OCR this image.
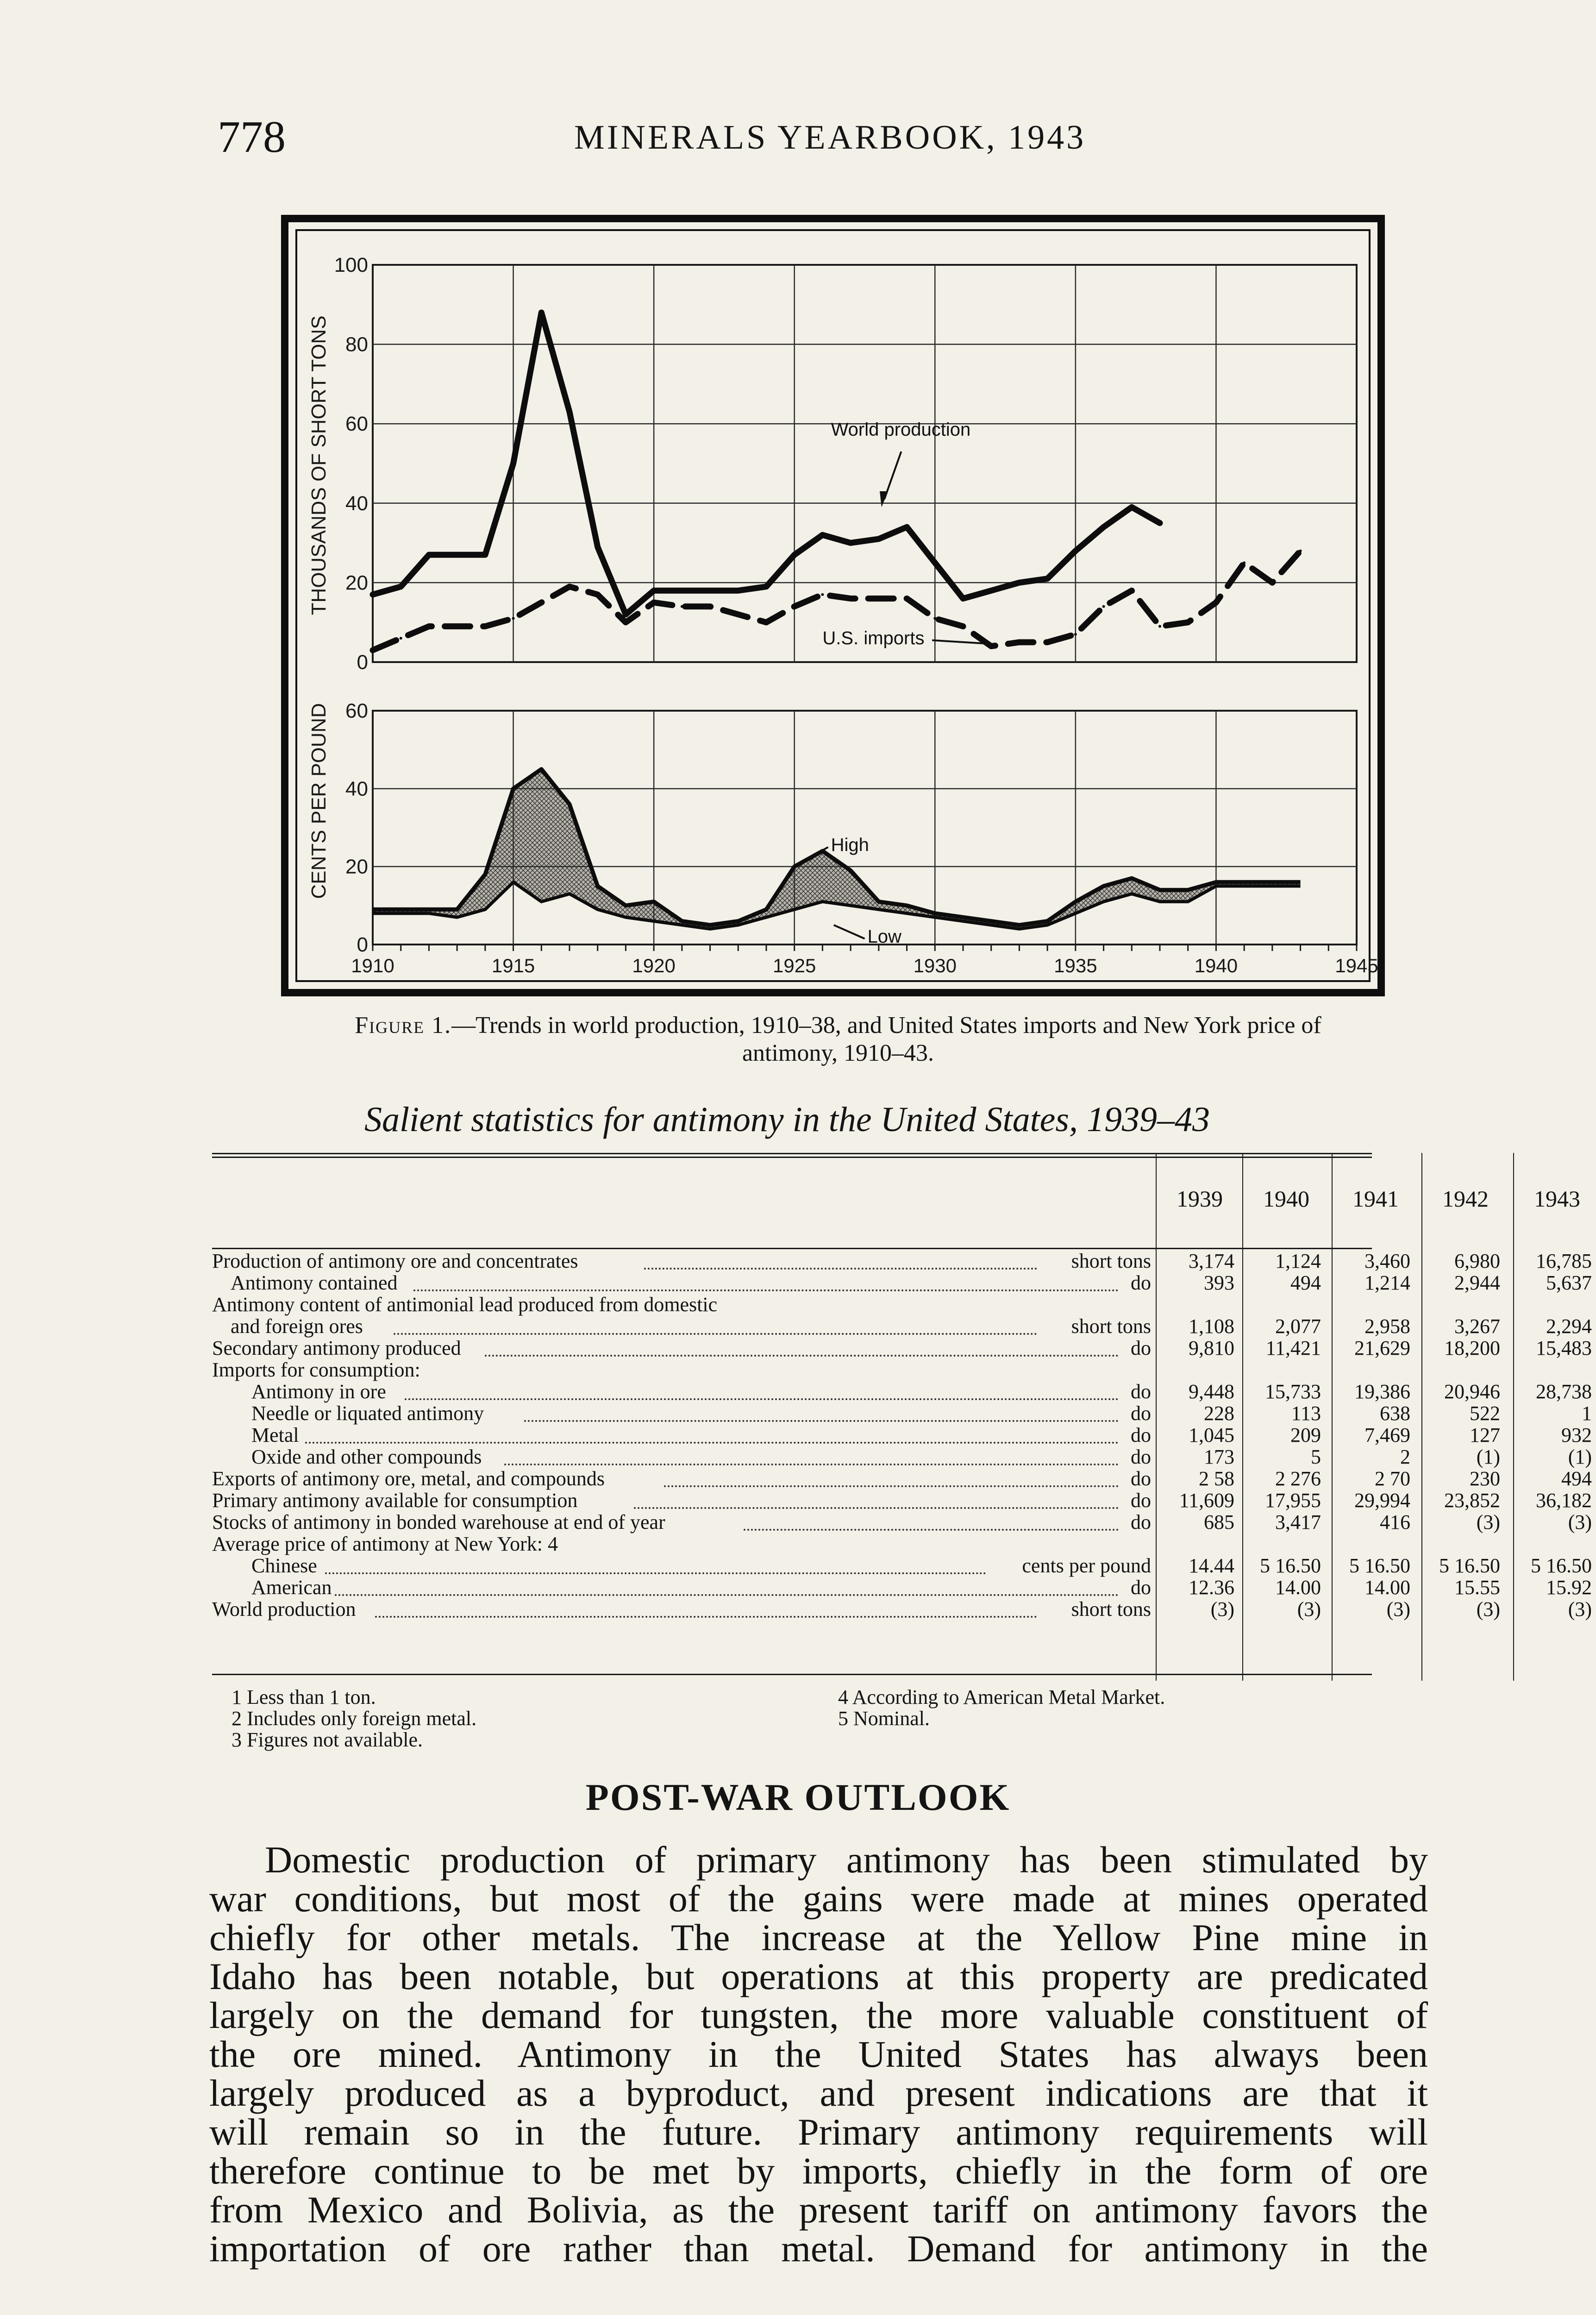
778	MINERALS YEARBOOK, 1943
0
20
40
60
80
100
World production
U.S. imports
0
20
40
60
1910	1915	1920	1925	1930	1935	1940	1945
High
Low
THOUSANDS OF SHORT TONS
CENTS PER POUND
Figure 1.—Trends in world production, 1910–38, and United States imports and New York price of
antimony, 1910–43.
Salient statistics for antimony in the United States, 1939–43
1939	1940	1941	1942	1943
Production of antimony ore and concentrates	short tons	3,174	1,124	3,460	6,980	16,785
Antimony contained	do	393	494	1,214	2,944	5,637
Antimony content of antimonial lead produced from domestic
and foreign ores	short tons	1,108	2,077	2,958	3,267	2,294
Secondary antimony produced	do	9,810	11,421	21,629	18,200	15,483
Imports for consumption:
Antimony in ore	do	9,448	15,733	19,386	20,946	28,738
Needle or liquated antimony	do	228	113	638	522	1
Metal	do	1,045	209	7,469	127	932
Oxide and other compounds	do	173	5	2	(1)	(1)
Exports of antimony ore, metal, and compounds	do	2 58	2 276	2 70	230	494
Primary antimony available for consumption	do	11,609	17,955	29,994	23,852	36,182
Stocks of antimony in bonded warehouse at end of year	do	685	3,417	416	(3)	(3)
Average price of antimony at New York: 4
Chinese	cents per pound	14.44	5 16.50	5 16.50	5 16.50	5 16.50
American	do	12.36	14.00	14.00	15.55	15.92
World production	short tons	(3)	(3)	(3)	(3)	(3)
1 Less than 1 ton.
2 Includes only foreign metal.
3 Figures not available.
4 According to American Metal Market.
5 Nominal.
POST-WAR OUTLOOK
Domestic production of primary antimony has been stimulated by
war conditions, but most of the gains were made at mines operated
chiefly for other metals. The increase at the Yellow Pine mine in
Idaho has been notable, but operations at this property are predicated
largely on the demand for tungsten, the more valuable constituent of
the ore mined. Antimony in the United States has always been
largely produced as a byproduct, and present indications are that it
will remain so in the future. Primary antimony requirements will
therefore continue to be met by imports, chiefly in the form of ore
from Mexico and Bolivia, as the present tariff on antimony favors the
importation of ore rather than metal. Demand for antimony in the
